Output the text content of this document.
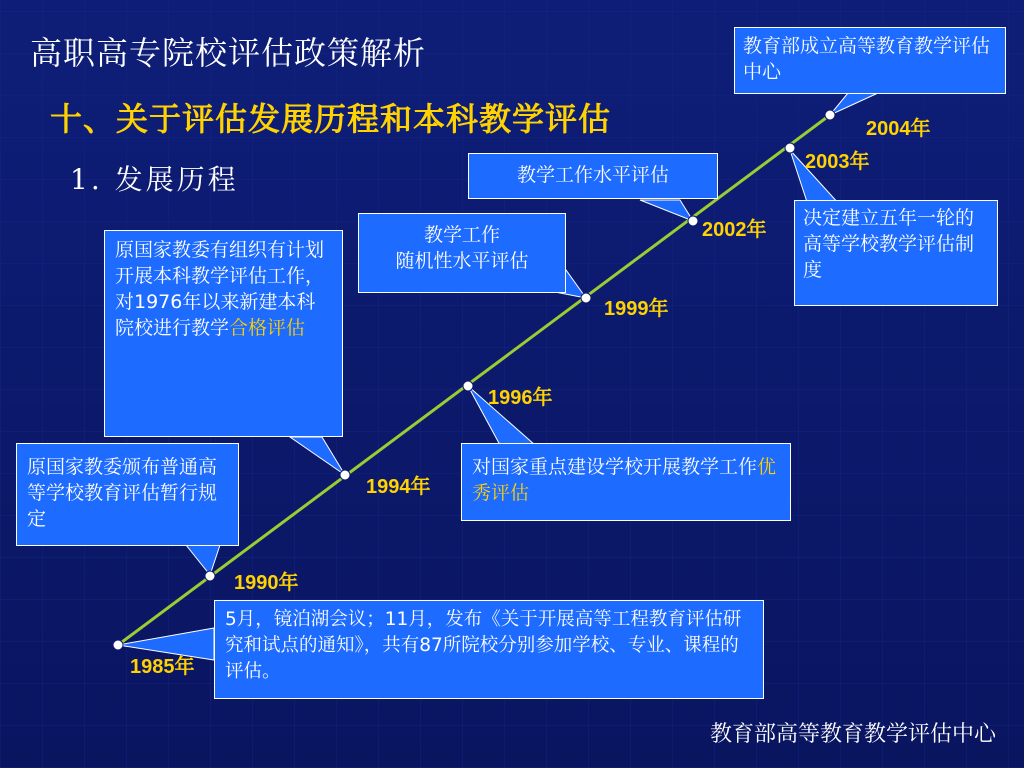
高职高专院校评估政策解析
十、关于评估发展历程和本科教学评估
1. 发展历程
1985年
1990年
1994年
1996年
1999年
2002年
2003年
2004年
教育部成立高等教育教学评估中心
决定建立五年一轮的高等学校教学评估制度
教学工作水平评估
教学工作
随机性水平评估
原国家教委有组织有计划开展本科教学评估工作，对1976年以来新建本科院校进行教学合格评估
对国家重点建设学校开展教学工作优秀评估
原国家教委颁布普通高等学校教育评估暂行规定
5月，镜泊湖会议；11月，发布《关于开展高等工程教育评估研究和试点的通知》，共有87所院校分别参加学校、专业、课程的评估。
教育部高等教育教学评估中心
